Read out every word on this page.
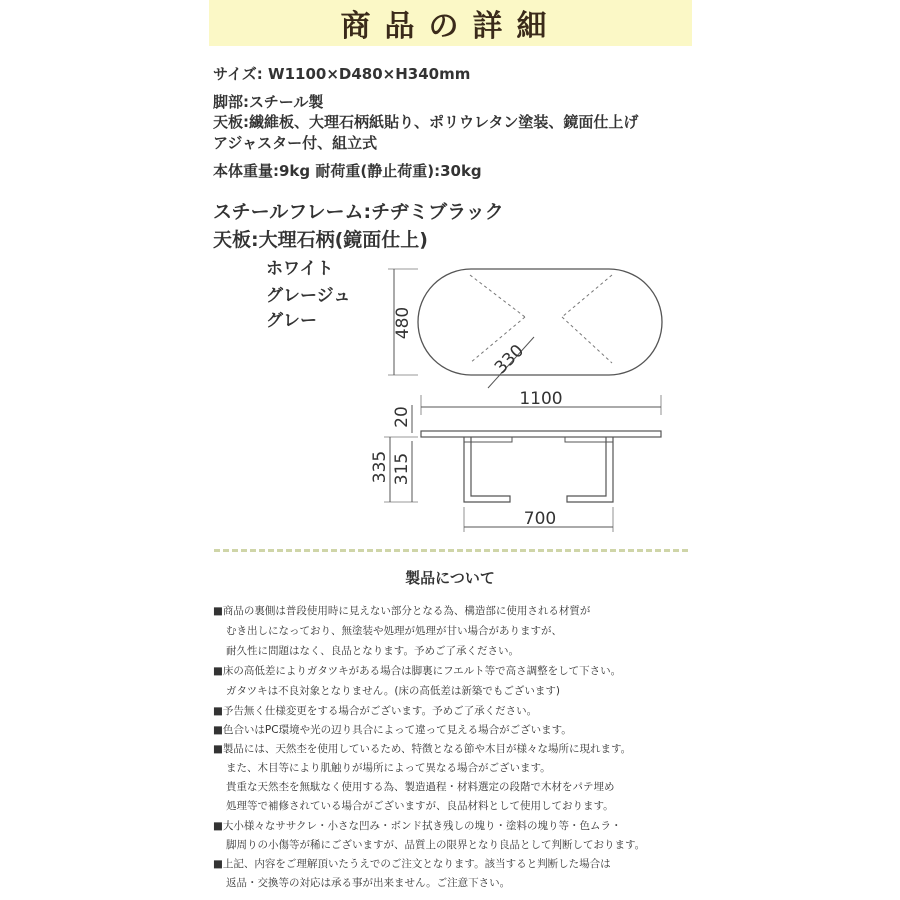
商品の詳細
サイズ: W1100×D480×H340mm
脚部:スチール製
天板:繊維板、大理石柄紙貼り、ポリウレタン塗装、鏡面仕上げ
アジャスター付、組立式
本体重量:9kg 耐荷重(静止荷重):30kg
スチールフレーム:チヂミブラック
天板:大理石柄(鏡面仕上)
ホワイト
グレージュ
グレー	480
330
1100
20
335 315
700
製品について
■商品の裏側は普段使用時に見えない部分となる為、構造部に使用される材質が
むき出しになっており、無塗装や処理が処理が甘い場合がありますが、
耐久性に問題はなく、良品となります。予めご了承ください。
■床の高低差によりガタツキがある場合は脚裏にフエルト等で高さ調整をして下さい。
ガタツキは不良対象となりません。(床の高低差は新築でもございます)
■予告無く仕様変更をする場合がございます。予めご了承ください。
■色合いはPC環境や光の辺り具合によって違って見える場合がございます。
■製品には、天然杢を使用しているため、特徴となる節や木目が様々な場所に現れます。
また、木目等により肌触りが場所によって異なる場合がございます。
貴重な天然杢を無駄なく使用する為、製造過程・材料選定の段階で木材をパテ埋め
処理等で補修されている場合がございますが、良品材料として使用しております。
■大小様々なササクレ・小さな凹み・ボンド拭き残しの塊り・塗料の塊り等・色ムラ・
脚周りの小傷等が稀にございますが、品質上の限界となり良品として判断しております。
■上記、内容をご理解頂いたうえでのご注文となります。該当すると判断した場合は
返品・交換等の対応は承る事が出来ません。ご注意下さい。
